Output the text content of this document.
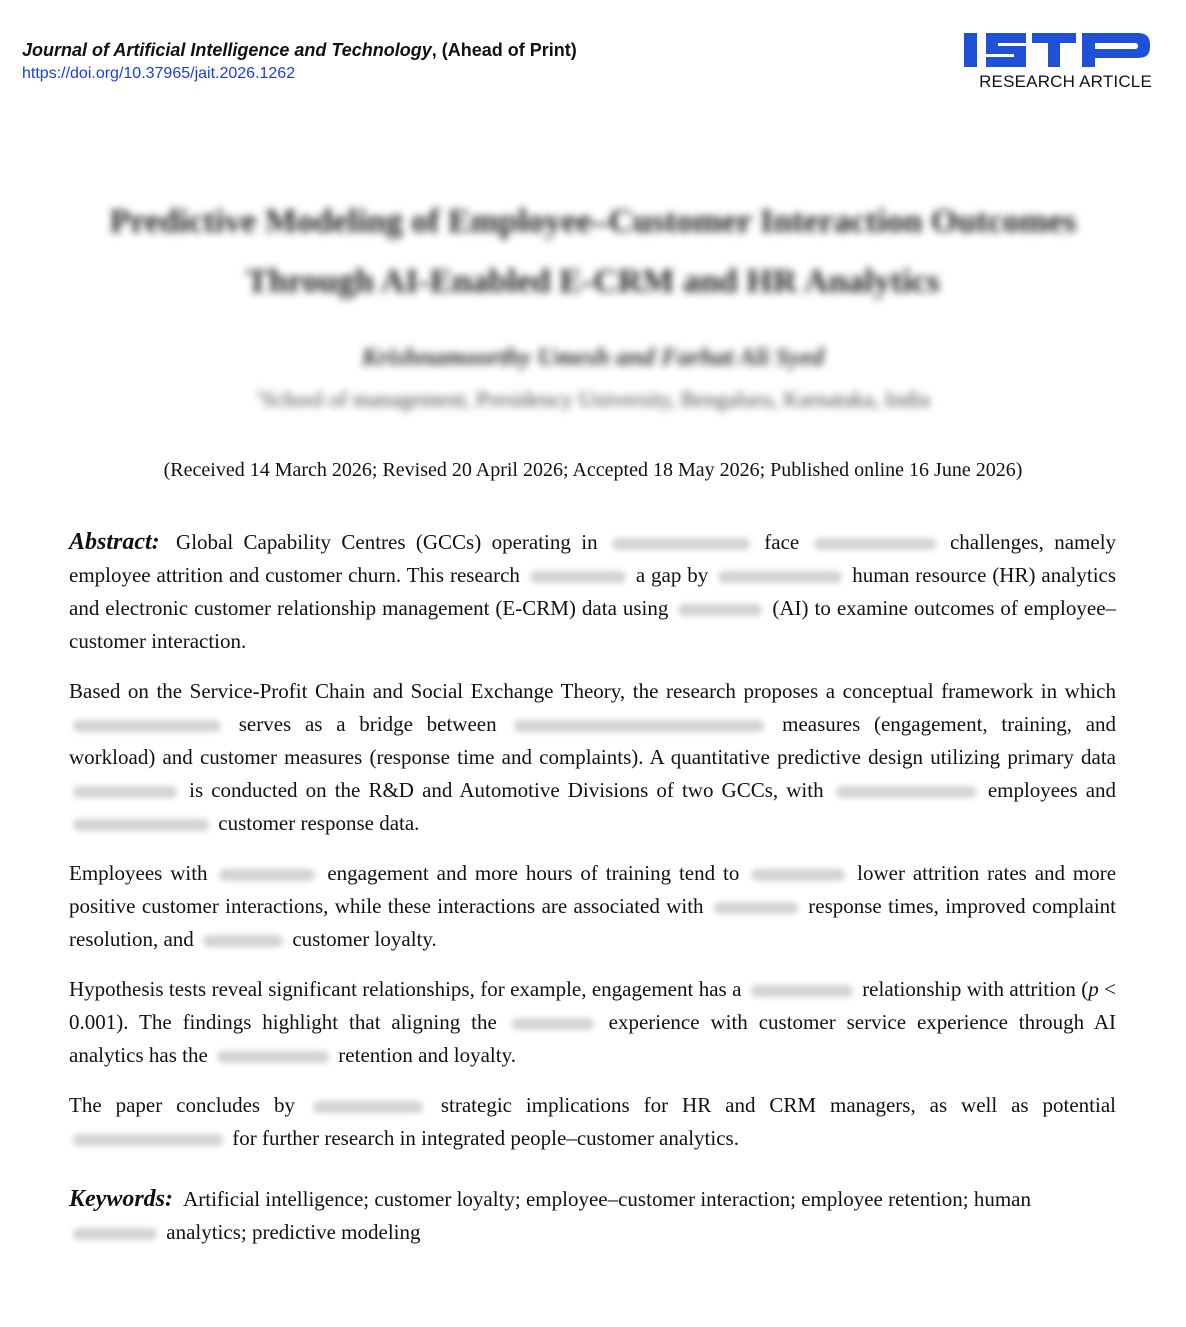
Journal of Artificial Intelligence and Technology, (Ahead of Print)
https://doi.org/10.37965/jait.2026.1262	RESEARCH ARTICLE
Predictive Modeling of Employee–Customer Interaction Outcomes
Through AI-Enabled E-CRM and HR Analytics
Krishnamoorthy Umesh and Farhat Ali Syed
$^1$School of management, Presidency University, Bengaluru, Karnataka, India
(Received 14 March 2026; Revised 20 April 2026; Accepted 18 May 2026; Published online 16 June 2026)

Abstract: Global Capability Centres (GCCs) operating in	face	challenges, namely employee attrition and customer churn. This research	a gap by	human resource (HR) analytics and electronic customer relationship management (E-CRM) data using	(AI) to examine outcomes of employee–customer interaction.

Based on the Service-Profit Chain and Social Exchange Theory, the research proposes a conceptual framework in which  serves as a bridge between	measures (engagement, training, and workload) and customer measures (response time and complaints). A quantitative predictive design utilizing primary data  is conducted on the R&D and Automotive Divisions of two GCCs, with	employees and  customer response data.

Employees with	engagement and more hours of training tend to	lower attrition rates and more positive customer interactions, while these interactions are associated with	response times, improved complaint resolution, and	customer loyalty.

Hypothesis tests reveal significant relationships, for example, engagement has a	relationship with attrition (p < 0.001). The findings highlight that aligning the	experience with customer service experience through AI analytics has the	retention and loyalty.

The paper concludes by	strategic implications for HR and CRM managers, as well as potential  for further research in integrated people–customer analytics.

Keywords: Artificial intelligence; customer loyalty; employee–customer interaction; employee retention; human  analytics; predictive modeling
